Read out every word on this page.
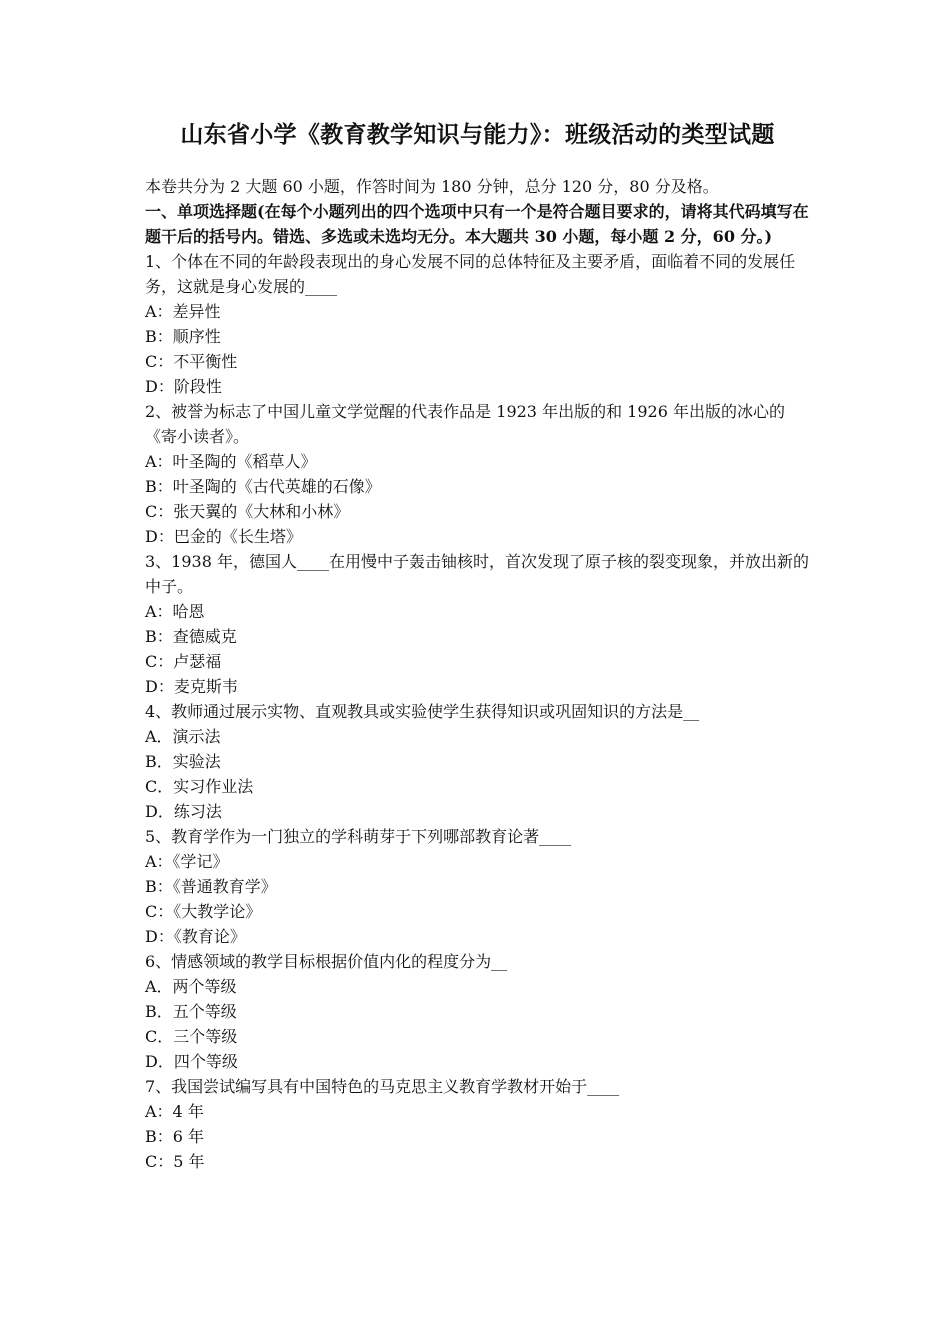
山东省小学《教育教学知识与能力》：班级活动的类型试题
本卷共分为 2 大题 60 小题，作答时间为 180 分钟，总分 120 分，80 分及格。
一、单项选择题(在每个小题列出的四个选项中只有一个是符合题目要求的，请将其代码填写在题干后的括号内。错选、多选或未选均无分。本大题共 30 小题，每小题 2 分，60 分。)
1、个体在不同的年龄段表现出的身心发展不同的总体特征及主要矛盾，面临着不同的发展任务，这就是身心发展的____
A：差异性
B：顺序性
C：不平衡性
D：阶段性
2、被誉为标志了中国儿童文学觉醒的代表作品是 1923 年出版的和 1926 年出版的冰心的《寄小读者》。
A：叶圣陶的《稻草人》
B：叶圣陶的《古代英雄的石像》
C：张天翼的《大林和小林》
D：巴金的《长生塔》
3、1938 年，德国人____在用慢中子轰击铀核时，首次发现了原子核的裂变现象，并放出新的中子。
A：哈恩
B：查德威克
C：卢瑟福
D：麦克斯韦
4、教师通过展示实物、直观教具或实验使学生获得知识或巩固知识的方法是__
A．演示法
B．实验法
C．实习作业法
D．练习法
5、教育学作为一门独立的学科萌芽于下列哪部教育论著____
A：《学记》
B：《普通教育学》
C：《大教学论》
D：《教育论》
6、情感领域的教学目标根据价值内化的程度分为__
A．两个等级
B．五个等级
C．三个等级
D．四个等级
7、我国尝试编写具有中国特色的马克思主义教育学教材开始于____
A：4 年
B：6 年
C：5 年
